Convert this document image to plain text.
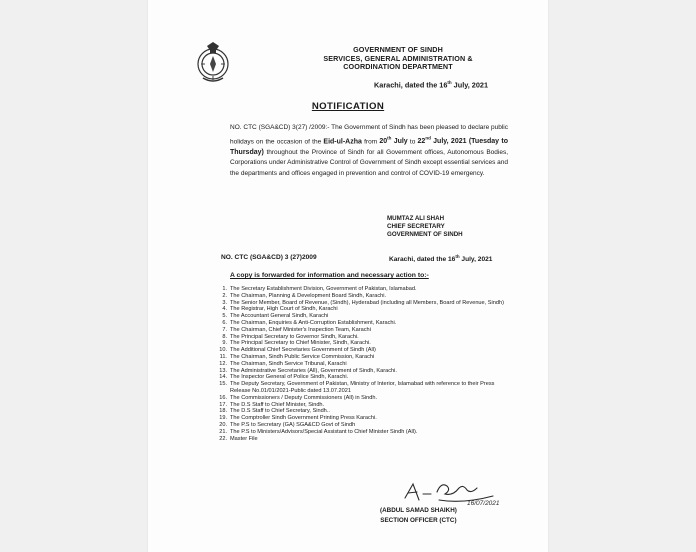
GOVERNMENT OF SINDH
SERVICES, GENERAL ADMINISTRATION &
COORDINATION DEPARTMENT
Karachi, dated the 16th July, 2021
NOTIFICATION
NO. CTC (SGA&CD) 3(27) /2009:- The Government of Sindh has been pleased to declare public holidays on the occasion of the Eid-ul-Azha from 20th July to 22nd July, 2021 (Tuesday to Thursday) throughout the Province of Sindh for all Government offices, Autonomous Bodies, Corporations under Administrative Control of Government of Sindh except essential services and the departments and offices engaged in prevention and control of COVID-19 emergency.
MUMTAZ ALI SHAH
CHIEF SECRETARY
GOVERNMENT OF SINDH
NO. CTC (SGA&CD) 3 (27)2009	Karachi, dated the 16th July, 2021
A copy is forwarded for information and necessary action to:-
1. The Secretary Establishment Division, Government of Pakistan, Islamabad.
2. The Chairman, Planning & Development Board Sindh, Karachi.
3. The Senior Member, Board of Revenue, (Sindh), Hyderabad (including all Members, Board of Revenue, Sindh)
4. The Registrar, High Court of Sindh, Karachi
5. The Accountant General Sindh, Karachi
6. The Chairman, Enquiries & Anti-Corruption Establishment, Karachi.
7. The Chairman, Chief Minister's Inspection Team, Karachi
8. The Principal Secretary to Governor Sindh, Karachi.
9. The Principal Secretary to Chief Minister, Sindh, Karachi.
10. The Additional Chief Secretaries Government of Sindh (All)
11. The Chairman, Sindh Public Service Commission, Karachi
12. The Chairman, Sindh Service Tribunal, Karachi
13. The Administrative Secretaries (All), Government of Sindh, Karachi.
14. The Inspector General of Police Sindh, Karachi.
15. The Deputy Secretary, Government of Pakistan, Ministry of Interior, Islamabad with reference to their Press Release No.01/01/2021-Public dated 13.07.2021
16. The Commissioners / Deputy Commissioners (All) in Sindh.
17. The D.S Staff to Chief Minister, Sindh.
18. The D.S Staff to Chief Secretary, Sindh..
19. The Comptroller Sindh Government Printing Press Karachi.
20. The P.S to Secretary (GA) SGA&CD Govt of Sindh
21. The P.S to Ministers/Advisors/Special Assistant to Chief Minister Sindh (All).
22. Master File
16/07/2021
(ABDUL SAMAD SHAIKH)
SECTION OFFICER (CTC)
